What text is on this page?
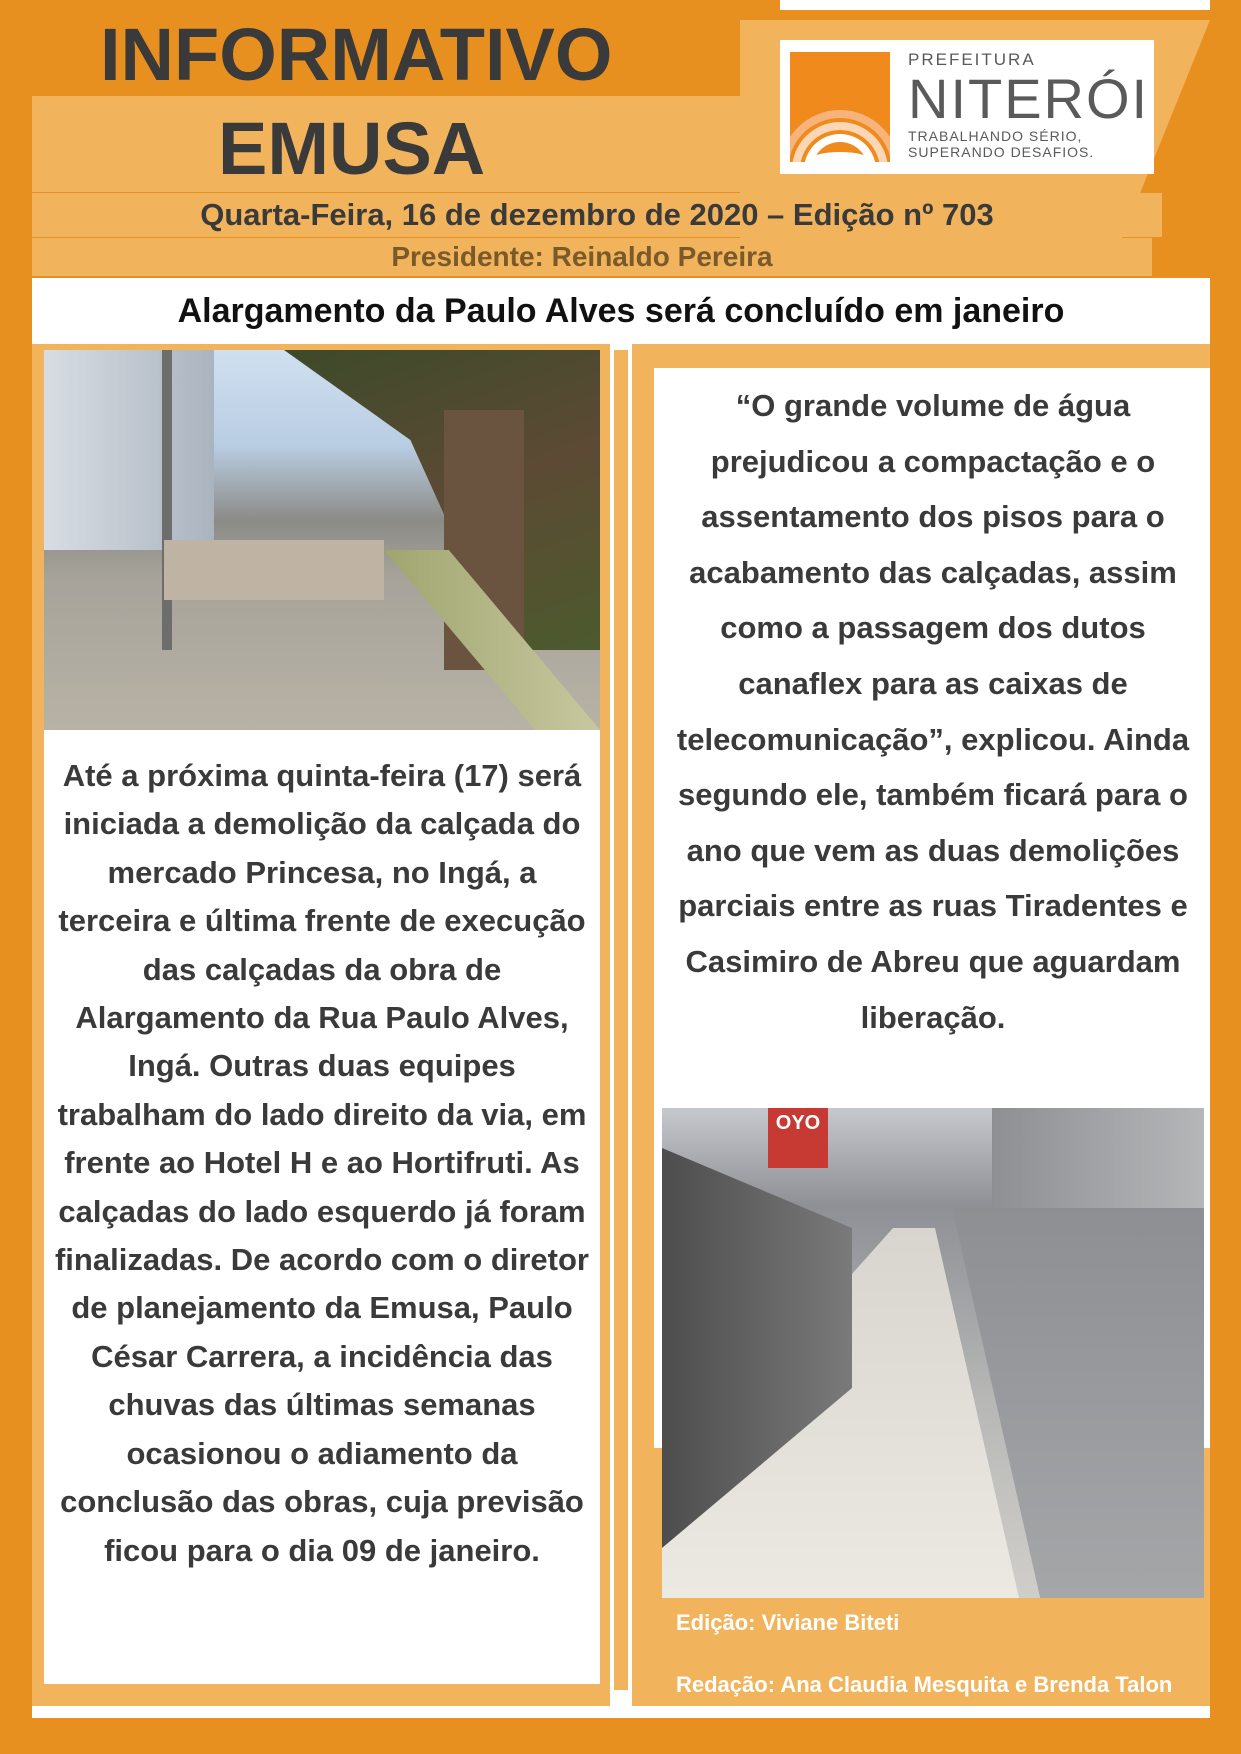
INFORMATIVO
EMUSA
PREFEITURA
NITERÓI
TRABALHANDO SÉRIO,
SUPERANDO DESAFIOS.
Quarta-Feira, 16 de dezembro de 2020 – Edição nº 703
Presidente: Reinaldo Pereira
Alargamento da Paulo Alves será concluído em janeiro
Até a próxima quinta-feira (17) será iniciada a demolição da calçada do mercado Princesa, no Ingá, a terceira e última frente de execução das calçadas da obra de Alargamento da Rua Paulo Alves, Ingá. Outras duas equipes trabalham do lado direito da via, em frente ao Hotel H e ao Hortifruti. As calçadas do lado esquerdo já foram finalizadas. De acordo com o diretor de planejamento da Emusa, Paulo César Carrera, a incidência das chuvas das últimas semanas ocasionou o adiamento da conclusão das obras, cuja previsão ficou para o dia 09 de janeiro.
“O grande volume de água prejudicou a compactação e o assentamento dos pisos para o acabamento das calçadas, assim como a passagem dos dutos canaflex para as caixas de telecomunicação”, explicou. Ainda segundo ele, também ficará para o ano que vem as duas demolições parciais entre as ruas Tiradentes e Casimiro de Abreu que aguardam liberação.
OYO
Edição: Viviane Biteti
Redação: Ana Claudia Mesquita e Brenda Talon
